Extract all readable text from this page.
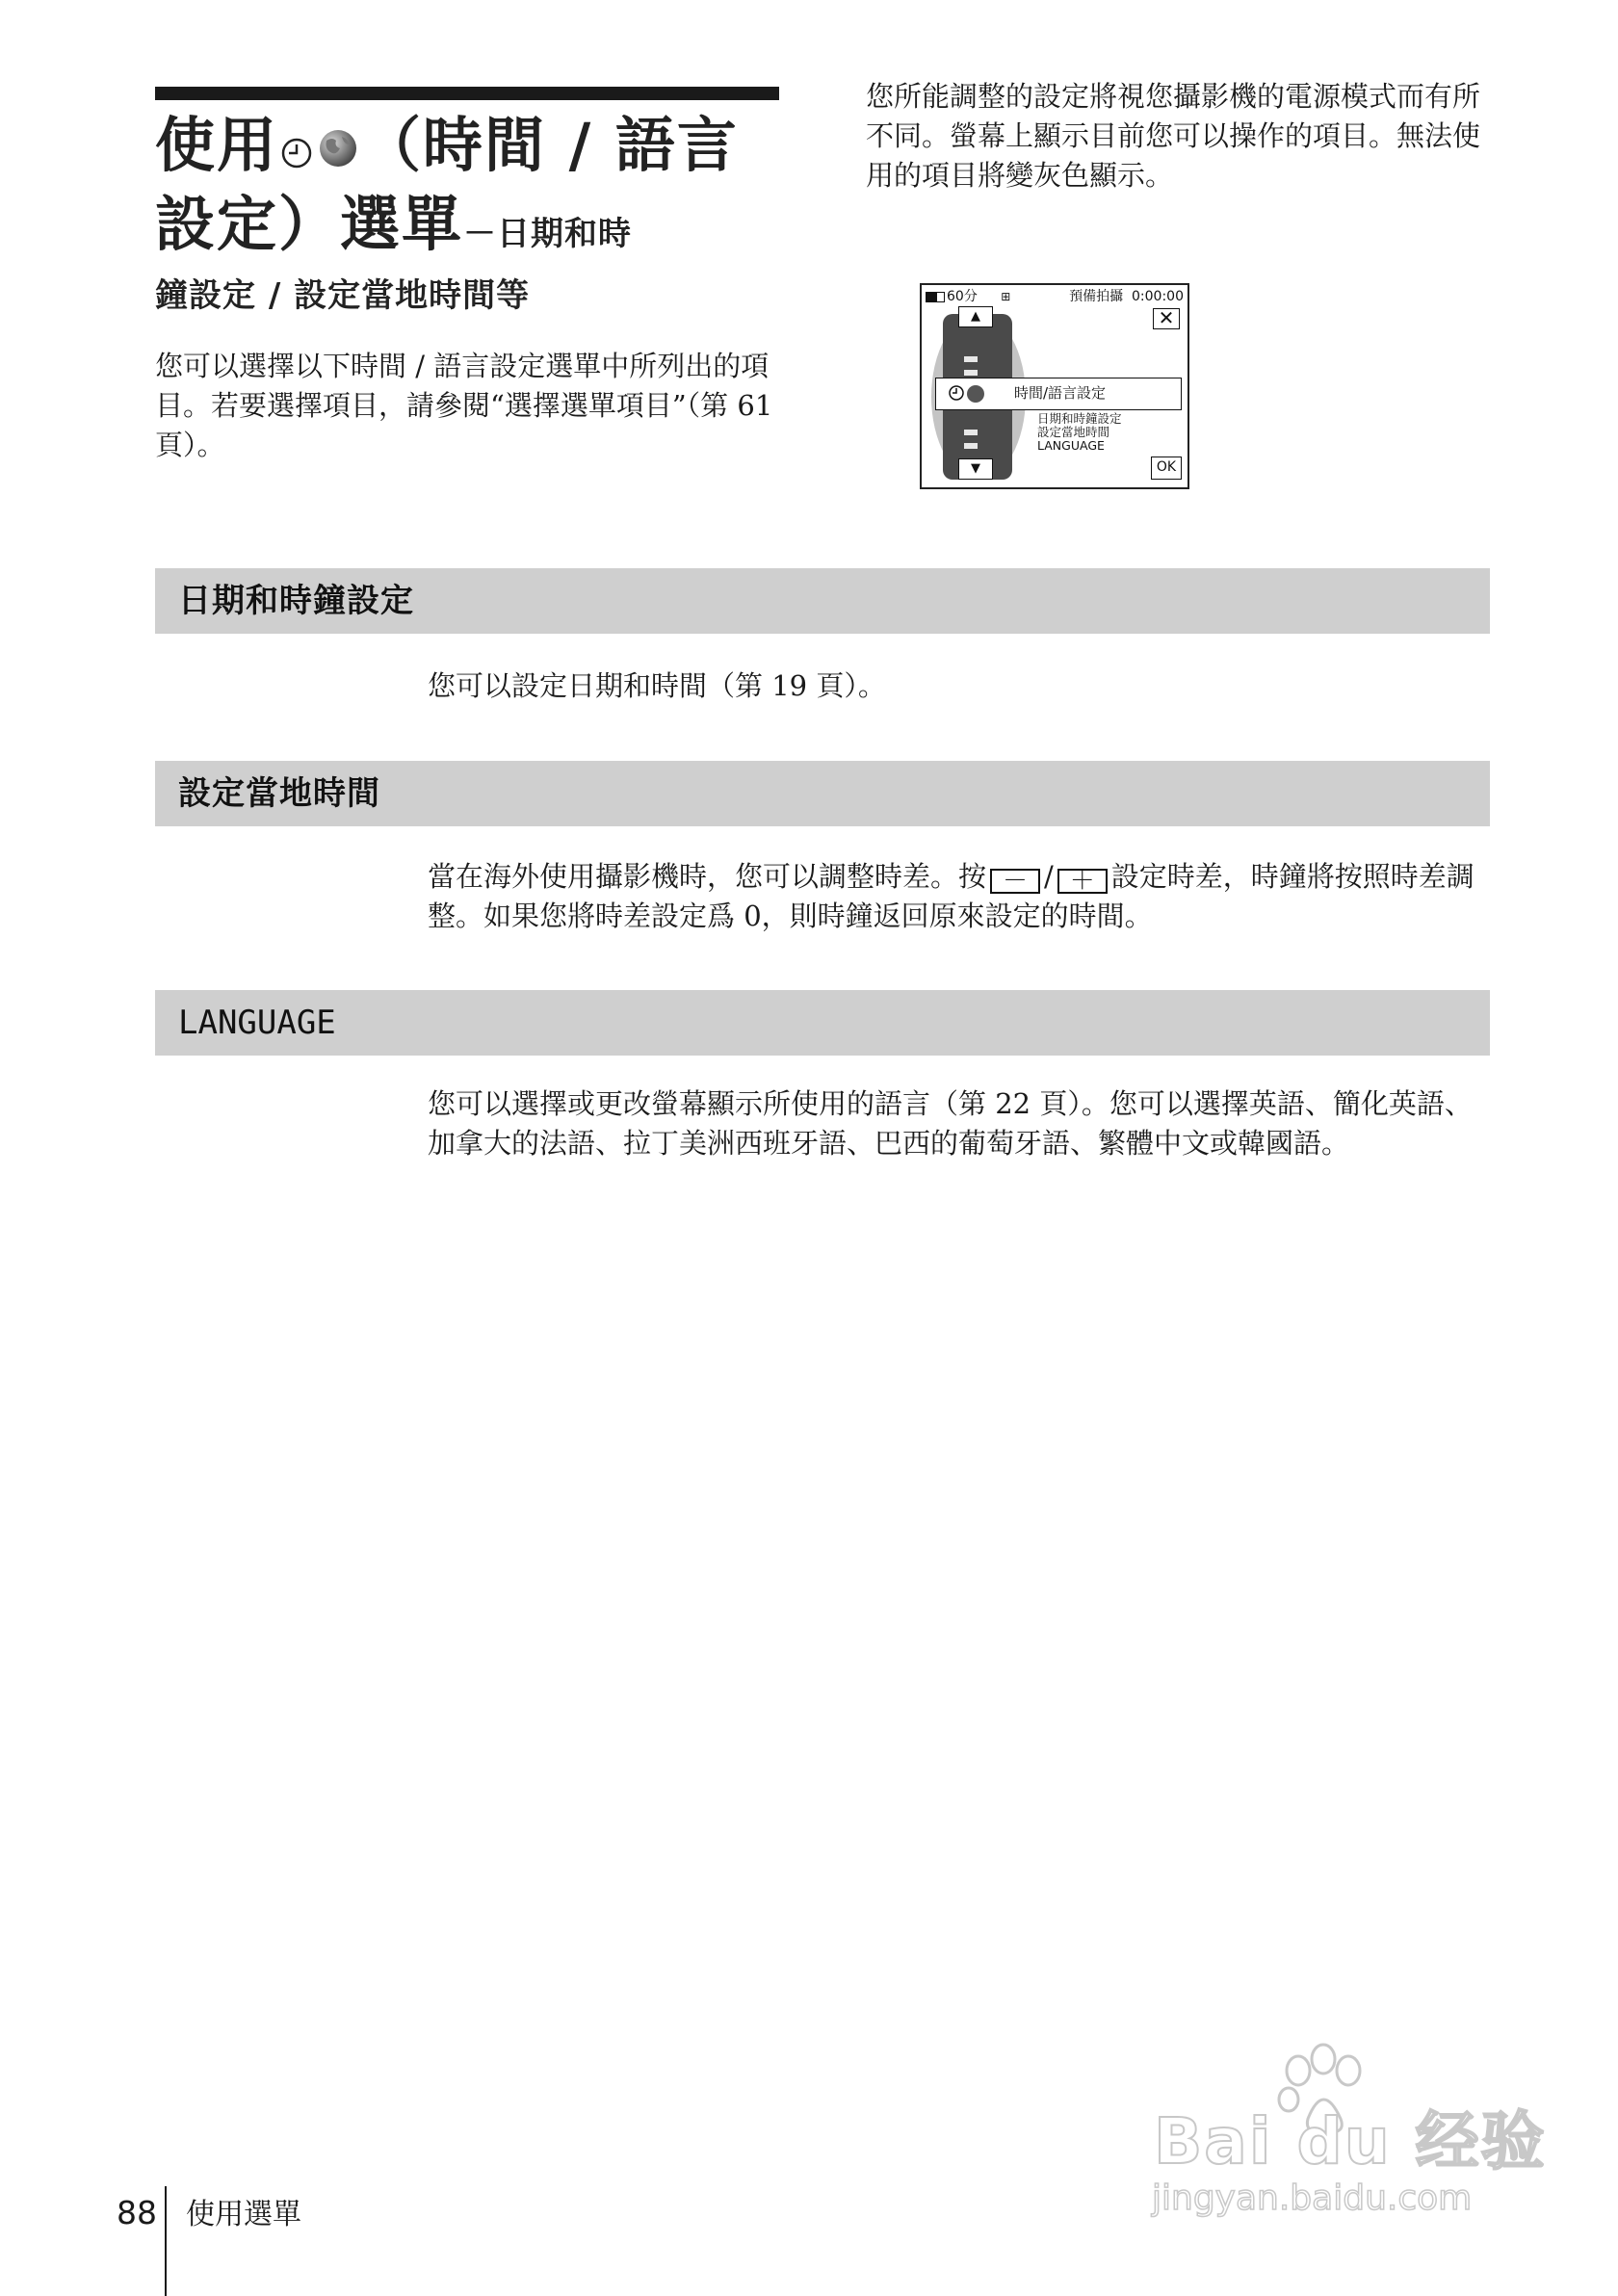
使用 （時間 / 語言設定）選單－日期和時
鐘設定 / 設定當地時間等
您可以選擇以下時間 / 語言設定選單中所列出的項目。若要選擇項目，請參閱“選擇選單項目”（第 61 頁）。
您所能調整的設定將視您攝影機的電源模式而有所不同。螢幕上顯示目前您可以操作的項目。無法使用的項目將變灰色顯示。
60分 ⊞	預備拍攝 0:00:00
✕
▲
▼
時間/語言設定
日期和時鐘設定
設定當地時間
LANGUAGE
OK
日期和時鐘設定
您可以設定日期和時間（第 19 頁）。
設定當地時間
當在海外使用攝影機時，您可以調整時差。按 － / ＋ 設定時差，時鐘將按照時差調整。如果您將時差設定爲 0，則時鐘返回原來設定的時間。
LANGUAGE
您可以選擇或更改螢幕顯示所使用的語言（第 22 頁）。您可以選擇英語、簡化英語、加拿大的法語、拉丁美洲西班牙語、巴西的葡萄牙語、繁體中文或韓國語。
88 使用選單
Bai du 经验
jingyan.baidu.com
